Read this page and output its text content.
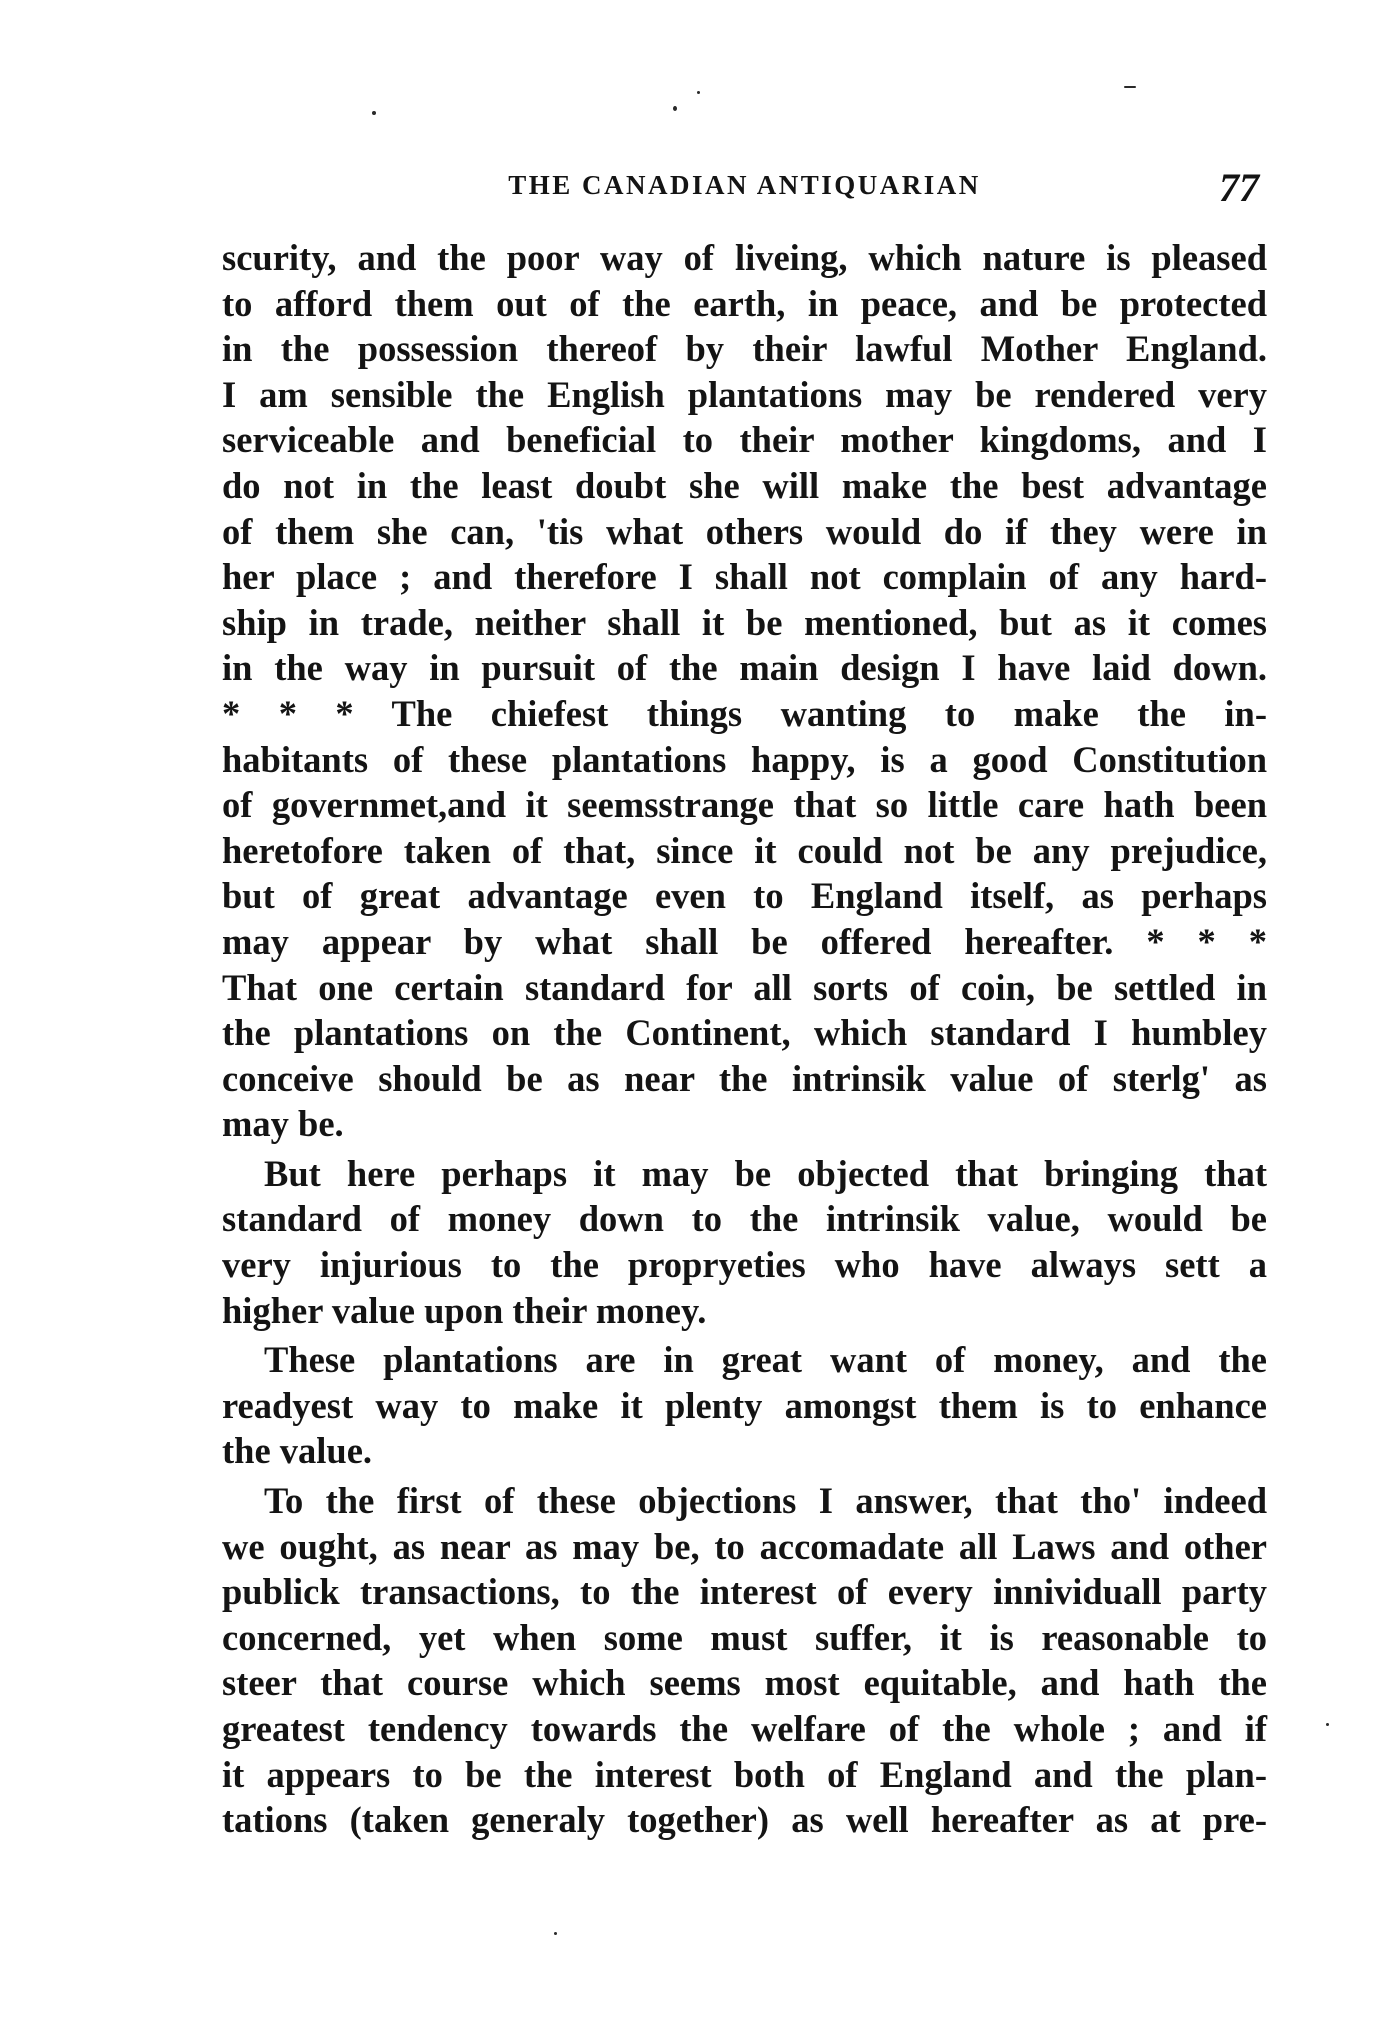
THE CANADIAN ANTIQUARIAN	77
scurity, and the poor way of liveing, which nature is pleased
to afford them out of the earth, in peace, and be protected
in the possession thereof by their lawful Mother England.
I am sensible the English plantations may be rendered very
serviceable and beneficial to their mother kingdoms, and I
do not in the least doubt she will make the best advantage
of them she can, 'tis what others would do if they were in
her place ; and therefore I shall not complain of any hard-
ship in trade, neither shall it be mentioned, but as it comes
in the way in pursuit of the main design I have laid down.
* * * The chiefest things wanting to make the in-
habitants of these plantations happy, is a good Constitution
of governmet,and it seemsstrange that so little care hath been
heretofore taken of that, since it could not be any prejudice,
but of great advantage even to England itself, as perhaps
may appear by what shall be offered hereafter. * * *
That one certain standard for all sorts of coin, be settled in
the plantations on the Continent, which standard I humbley
conceive should be as near the intrinsik value of sterlg' as
may be.
But here perhaps it may be objected that bringing that
standard of money down to the intrinsik value, would be
very injurious to the propryeties who have always sett a
higher value upon their money.
These plantations are in great want of money, and the
readyest way to make it plenty amongst them is to enhance
the value.
To the first of these objections I answer, that tho' indeed
we ought, as near as may be, to accomadate all Laws and other
publick transactions, to the interest of every innividuall party
concerned, yet when some must suffer, it is reasonable to
steer that course which seems most equitable, and hath the
greatest tendency towards the welfare of the whole ; and if
it appears to be the interest both of England and the plan-
tations (taken generaly together) as well hereafter as at pre-
